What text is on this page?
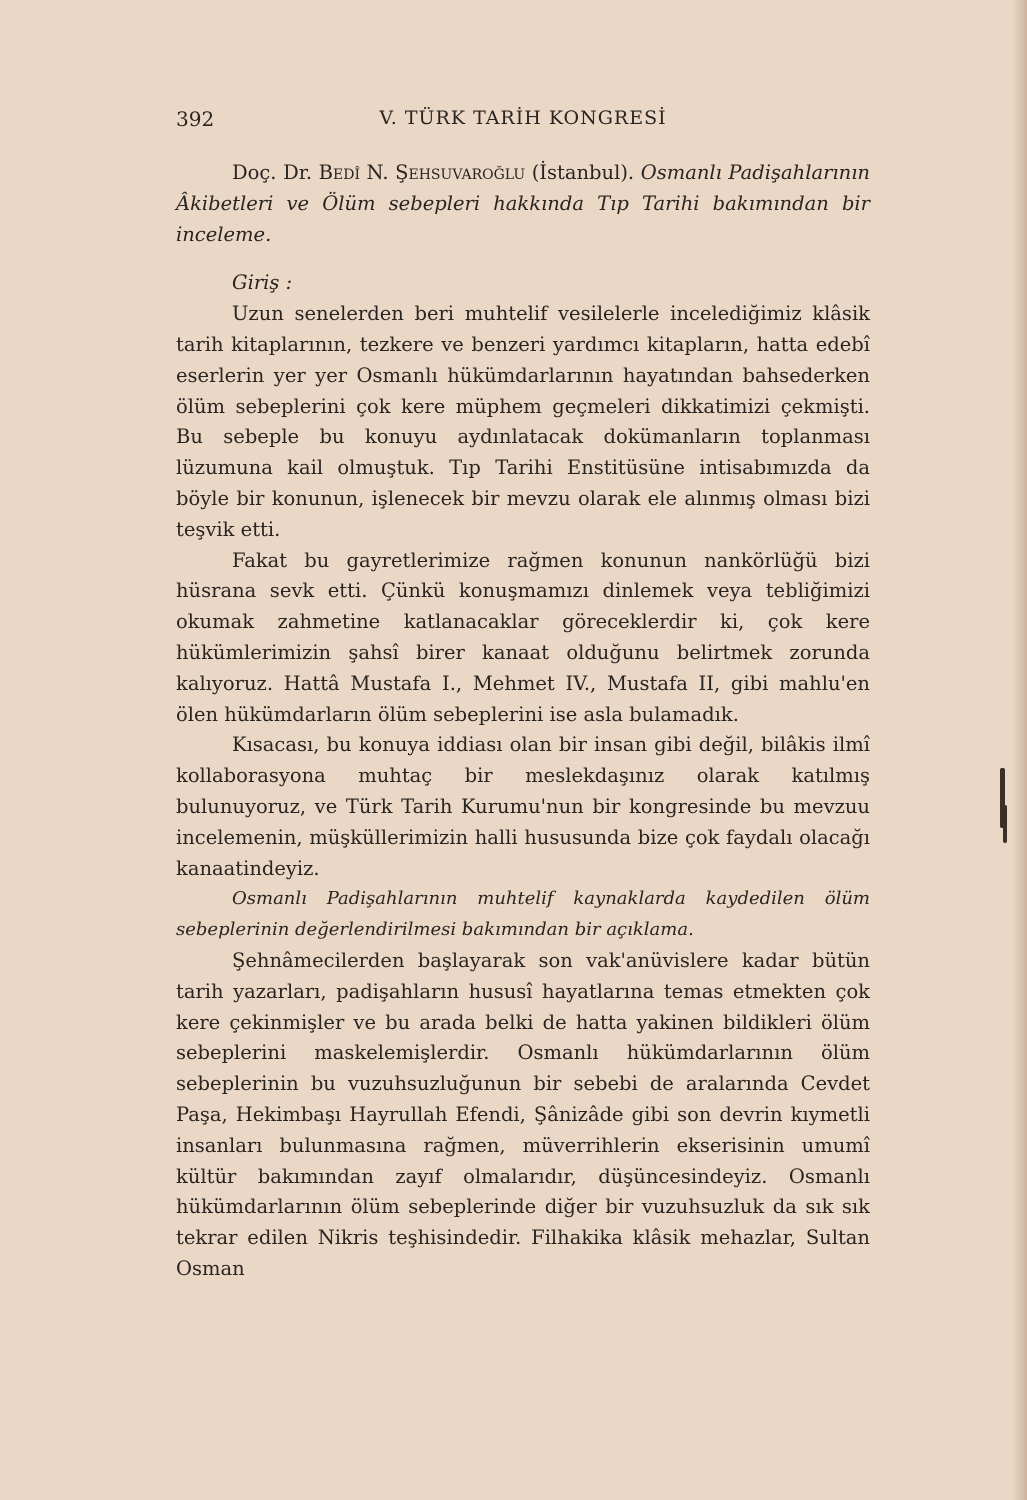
392	V. TÜRK TARİH KONGRESİ

Doç. Dr. Bedî N. Şehsuvaroğlu (İstanbul). Osmanlı Padişahlarının Âkibetleri ve Ölüm sebepleri hakkında Tıp Tarihi bakımından bir inceleme.

Giriş :

Uzun senelerden beri muhtelif vesilelerle incelediğimiz klâsik tarih kitaplarının, tezkere ve benzeri yardımcı kitapların, hatta edebî eserlerin yer yer Osmanlı hükümdarlarının hayatından bahsederken ölüm sebeplerini çok kere müphem geçmeleri dikkatimizi çekmişti. Bu sebeple bu konuyu aydınlatacak dokümanların toplanması lüzumuna kail olmuştuk. Tıp Tarihi Enstitüsüne intisabımızda da böyle bir konunun, işlenecek bir mevzu olarak ele alınmış olması bizi teşvik etti.

Fakat bu gayretlerimize rağmen konunun nankörlüğü bizi hüsrana sevk etti. Çünkü konuşmamızı dinlemek veya tebliğimizi okumak zahmetine katlanacaklar göreceklerdir ki, çok kere hükümlerimizin şahsî birer kanaat olduğunu belirtmek zorunda kalıyoruz. Hattâ Mustafa I., Mehmet IV., Mustafa II, gibi mahlu'en ölen hükümdarların ölüm sebeplerini ise asla bulamadık.

Kısacası, bu konuya iddiası olan bir insan gibi değil, bilâkis ilmî kollaborasyona muhtaç bir meslekdaşınız olarak katılmış bulunuyoruz, ve Türk Tarih Kurumu'nun bir kongresinde bu mevzuu incelemenin, müşküllerimizin halli hususunda bize çok faydalı olacağı kanaatindeyiz.

Osmanlı Padişahlarının muhtelif kaynaklarda kaydedilen ölüm sebeplerinin değerlendirilmesi bakımından bir açıklama.

Şehnâmecilerden başlayarak son vak'anüvislere kadar bütün tarih yazarları, padişahların hususî hayatlarına temas etmekten çok kere çekinmişler ve bu arada belki de hatta yakinen bildikleri ölüm sebeplerini maskelemişlerdir. Osmanlı hükümdarlarının ölüm sebeplerinin bu vuzuhsuzluğunun bir sebebi de aralarında Cevdet Paşa, Hekimbaşı Hayrullah Efendi, Şânizâde gibi son devrin kıymetli insanları bulunmasına rağmen, müverrihlerin ekserisinin umumî kültür bakımından zayıf olmalarıdır, düşüncesindeyiz. Osmanlı hükümdarlarının ölüm sebeplerinde diğer bir vuzuhsuzluk da sık sık tekrar edilen Nikris teşhisindedir. Filhakika klâsik mehazlar, Sultan Osman
